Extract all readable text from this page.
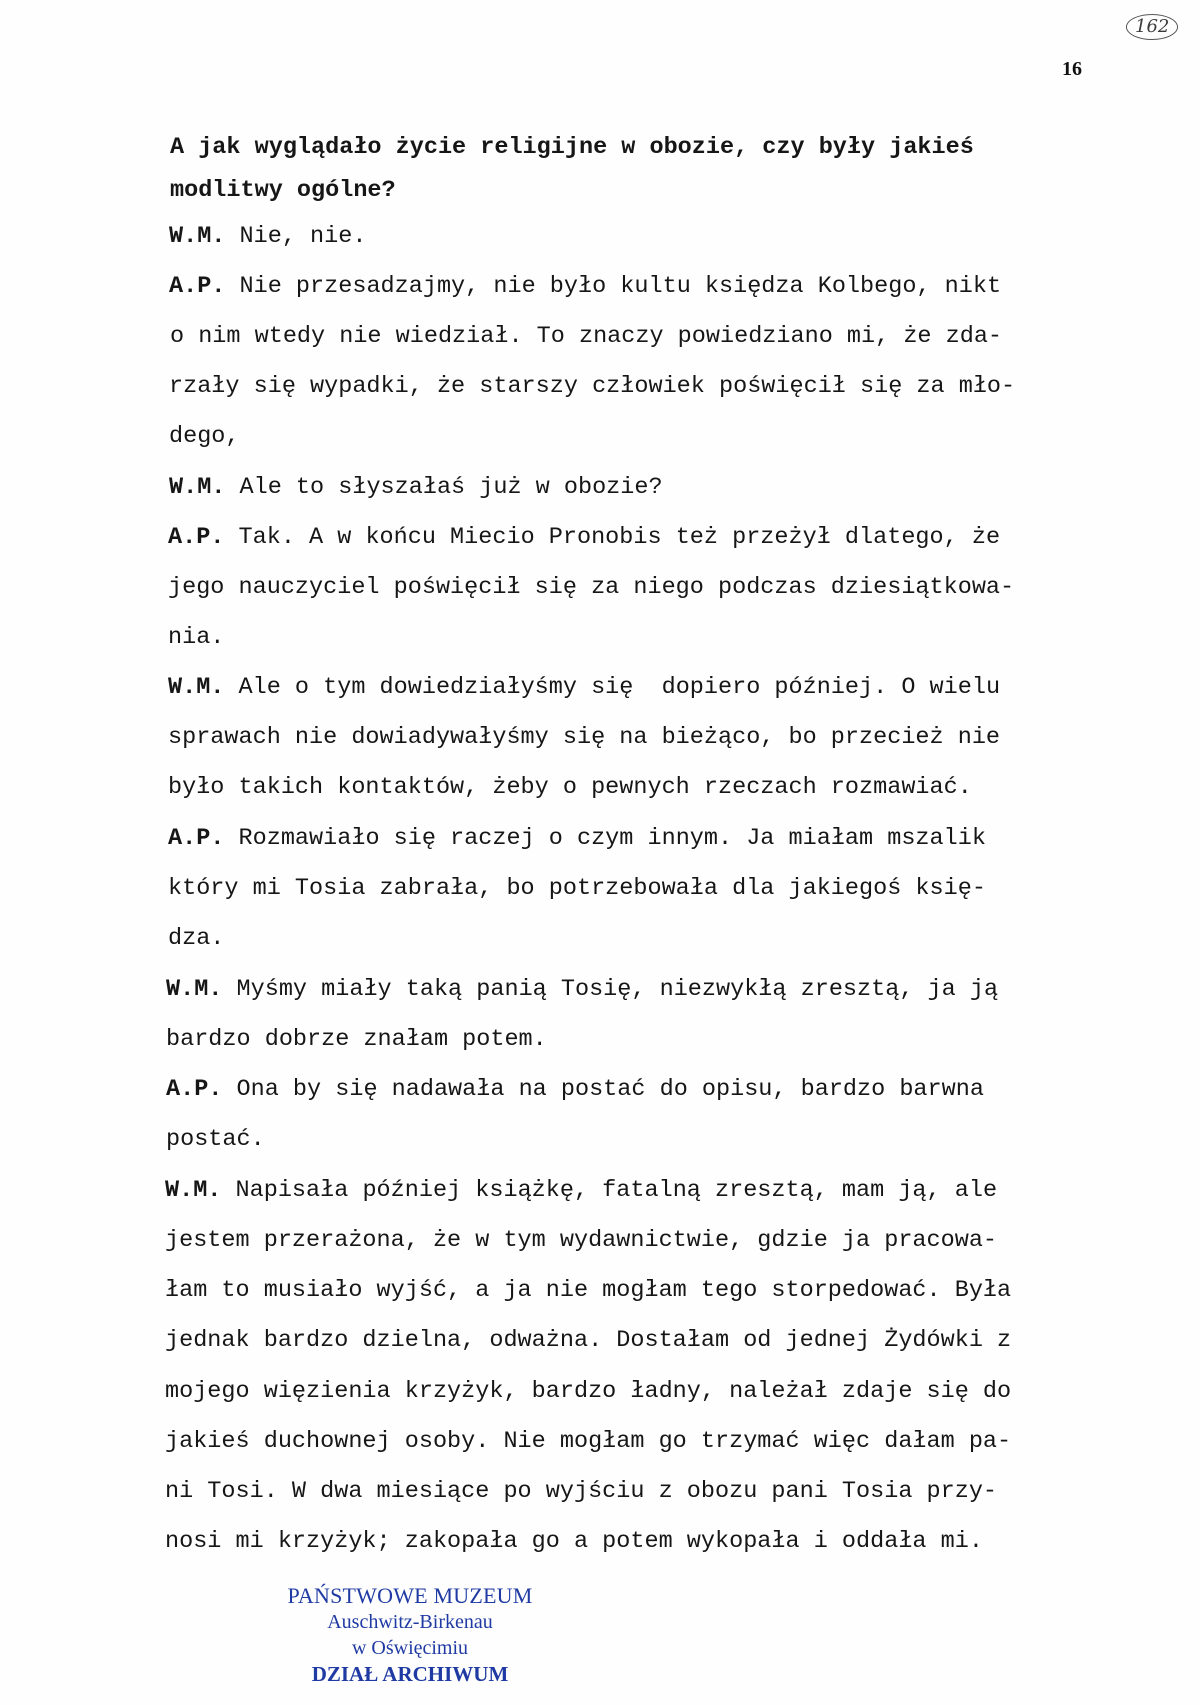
162
16
A jak wyglądało życie religijne w obozie, czy były jakieś
modlitwy ogólne?
W.M. Nie, nie.
A.P. Nie przesadzajmy, nie było kultu księdza Kolbego, nikt
o nim wtedy nie wiedział. To znaczy powiedziano mi, że zda-
rzały się wypadki, że starszy człowiek poświęcił się za mło-
dego,
W.M. Ale to słyszałaś już w obozie?
A.P. Tak. A w końcu Miecio Pronobis też przeżył dlatego, że
jego nauczyciel poświęcił się za niego podczas dziesiątkowa-
nia.
W.M. Ale o tym dowiedziałyśmy się  dopiero później. O wielu
sprawach nie dowiadywałyśmy się na bieżąco, bo przecież nie
było takich kontaktów, żeby o pewnych rzeczach rozmawiać.
A.P. Rozmawiało się raczej o czym innym. Ja miałam mszalik
który mi Tosia zabrała, bo potrzebowała dla jakiegoś księ-
dza.
W.M. Myśmy miały taką panią Tosię, niezwykłą zresztą, ja ją
bardzo dobrze znałam potem.
A.P. Ona by się nadawała na postać do opisu, bardzo barwna
postać.
W.M. Napisała później książkę, fatalną zresztą, mam ją, ale
jestem przerażona, że w tym wydawnictwie, gdzie ja pracowa-
łam to musiało wyjść, a ja nie mogłam tego storpedować. Była
jednak bardzo dzielna, odważna. Dostałam od jednej Żydówki z
mojego więzienia krzyżyk, bardzo ładny, należał zdaje się do
jakieś duchownej osoby. Nie mogłam go trzymać więc dałam pa-
ni Tosi. W dwa miesiące po wyjściu z obozu pani Tosia przy-
nosi mi krzyżyk; zakopała go a potem wykopała i oddała mi.
PAŃSTWOWE MUZEUM
Auschwitz-Birkenau
w Oświęcimiu
DZIAŁ ARCHIWUM
